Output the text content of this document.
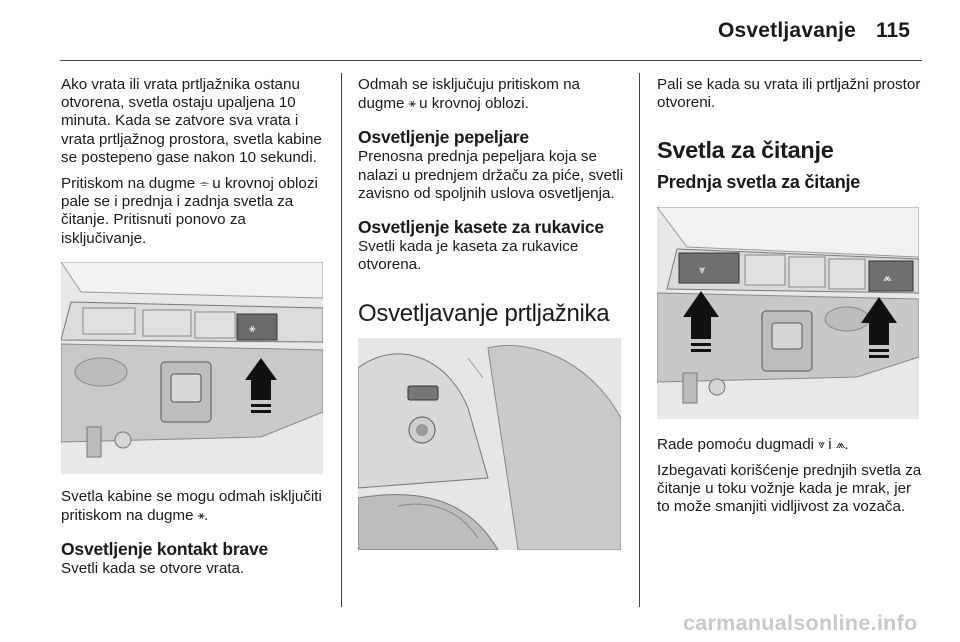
Osvetljavanje 115

Ako vrata ili vrata prtljažnika ostanu otvorena, svetla ostaju upaljena 10 minuta. Kada se zatvore sva vrata i vrata prtljažnog prostora, svetla kabine se postepeno gase nakon 10 sekundi.

Pritiskom na dugme ⌯ u krovnoj oblozi pale se i prednja i zadnja svetla za čitanje. Pritisnuti ponovo za isključivanje.

⚹

Svetla kabine se mogu odmah isključiti pritiskom na dugme ⚹.

Osvetljenje kontakt brave

Svetli kada se otvore vrata.

Odmah se isključuju pritiskom na dugme ⚹ u krovnoj oblozi.

Osvetljenje pepeljare

Prenosna prednja pepeljara koja se nalazi u prednjem držaču za piće, svetli zavisno od spoljnih uslova osvetljenja.

Osvetljenje kasete za rukavice

Svetli kada je kaseta za rukavice otvorena.

Osvetljavanje prtljažnika

Pali se kada su vrata ili prtljažni prostor otvoreni.

Svetla za čitanje
Prednja svetla za čitanje
⩔
⩕

Rade pomoću dugmadi ⩔ i ⩕.

Izbegavati korišćenje prednjih svetla za čitanje u toku vožnje kada je mrak, jer to može smanjiti vidljivost za vozača.

carmanualsonline.info
